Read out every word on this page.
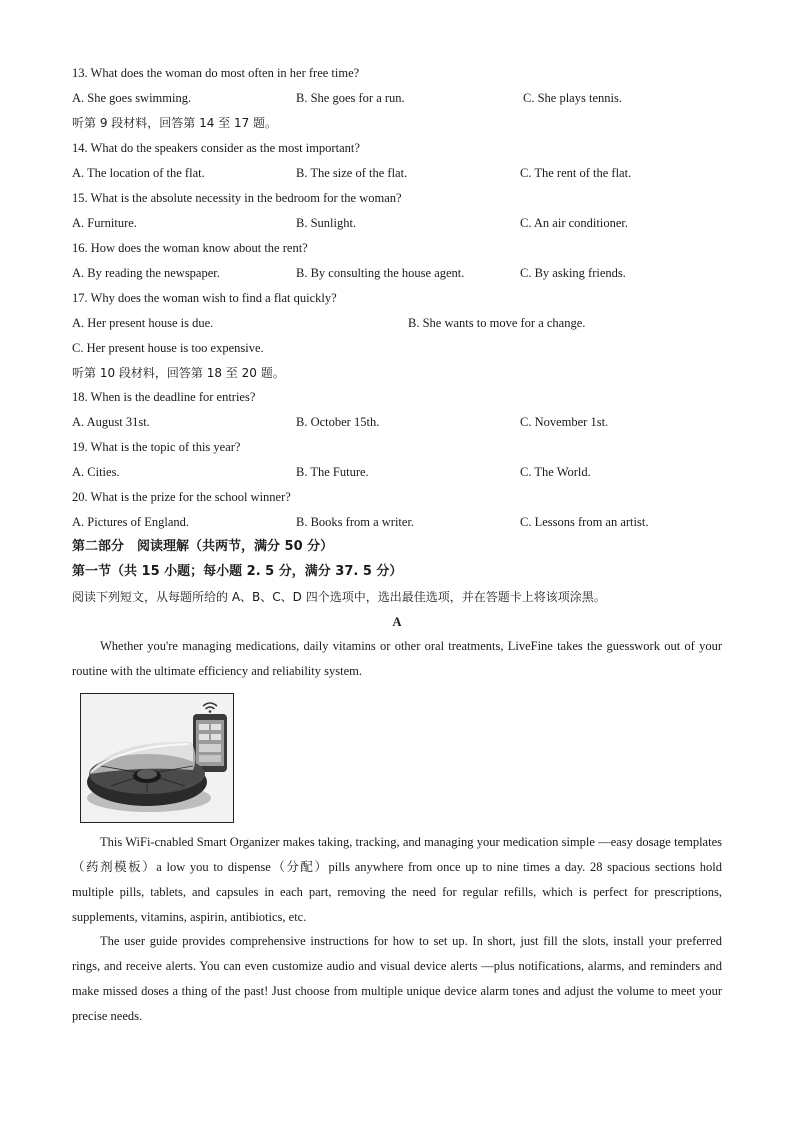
13. What does the woman do most often in her free time?
A. She goes swimming.	B. She goes for a run.	C. She plays tennis.
听第 9 段材料，回答第 14 至 17 题。
14. What do the speakers consider as the most important?
A. The location of the flat.	B. The size of the flat.	C. The rent of the flat.
15. What is the absolute necessity in the bedroom for the woman?
A. Furniture.	B. Sunlight.	C. An air conditioner.
16. How does the woman know about the rent?
A. By reading the newspaper.	B. By consulting the house agent.	C. By asking friends.
17. Why does the woman wish to find a flat quickly?
A. Her present house is due.	B. She wants to move for a change.
C. Her present house is too expensive.
听第 10 段材料，回答第 18 至 20 题。
18. When is the deadline for entries?
A. August 31st.	B. October 15th.	C. November 1st.
19. What is the topic of this year?
A. Cities.	B. The Future.	C. The World.
20. What is the prize for the school winner?
A. Pictures of England.	B. Books from a writer.	C. Lessons from an artist.
第二部分　阅读理解（共两节，满分 50 分）
第一节（共 15 小题；每小题 2. 5 分，满分 37. 5 分）
阅读下列短文，从每题所给的 A、B、C、D 四个选项中，选出最佳选项，并在答题卡上将该项涂黑。
A
Whether you're managing medications, daily vitamins or other oral treatments, LiveFine takes the guesswork out of your routine with the ultimate efficiency and reliability system.
This WiFi-cnabled Smart Organizer makes taking, tracking, and managing your medication simple —easy dosage templates （药剂模板）a low you to dispense（分配）pills anywhere from once up to nine times a day. 28 spacious sections hold multiple pills, tablets, and capsules in each part, removing the need for regular refills, which is perfect for prescriptions, supplements, vitamins, aspirin, antibiotics, etc.
The user guide provides comprehensive instructions for how to set up. In short, just fill the slots, install your preferred rings, and receive alerts. You can even customize audio and visual device alerts —plus notifications, alarms, and reminders and make missed doses a thing of the past! Just choose from multiple unique device alarm tones and adjust the volume to meet your precise needs.
